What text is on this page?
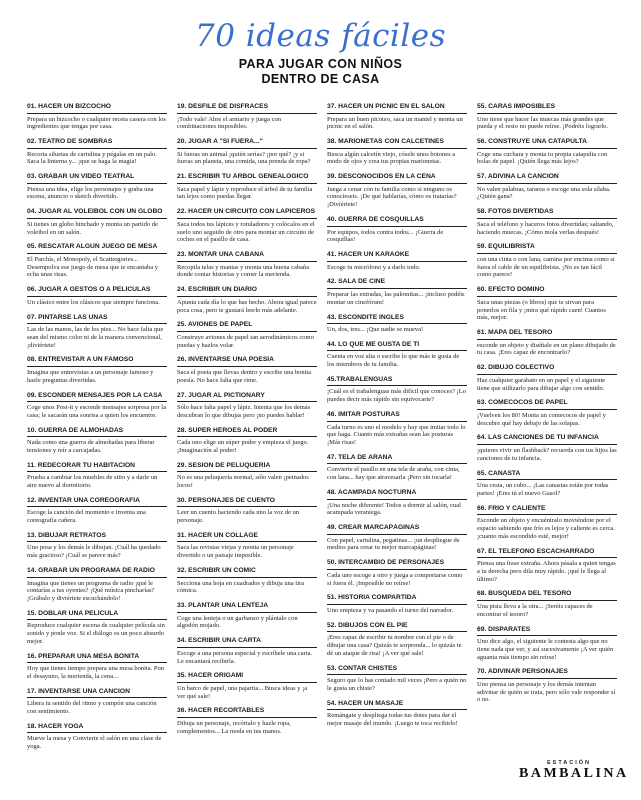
70 ideas fáciles
PARA JUGAR CON NIÑOS
DENTRO DE CASA
01. HACER UN BIZCOCHO
Prepara un bizcocho o cualquier receta casera con los ingredientes que tengas por casa.
02. TEATRO DE SOMBRAS
Recorta siluetas de cartulina y pégalas en un palo. Saca la linterna y... ¡que se haga la magia!
03. GRABAR UN VÍDEO TEATRAL
Piensa una idea, elige los personajes y graba una escena, anuncio o sketch divertido.
04. JUGAR AL VOLEIBOL CON UN GLOBO
Si tienes un globo hinchado y monta un partido de voleibol en un salón.
05. RESCATAR ALGÚN JUEGO DE MESA
El Parchís, el Monopoly, el Scattergories... Desempolva ese juego de mesa que te encantaba y echa unas risas.
06. JUGAR A GESTOS O A PELÍCULAS
Un clásico entre los clásicos que siempre funciona.
07. PINTARSE LAS UÑAS
Las de las manos, las de los pies... No hace falta que sean del mismo color ni de la manera convencional, ¡diviértete!
08. ENTREVISTAR A UN FAMOSO
Imagina que entrevistas a un personaje famoso y hazle preguntas divertidas.
09. ESCONDER MENSAJES POR LA CASA
Coge unos Post-it y esconde mensajes sorpresa por la casa; le sacarán una sonrisa a quien los encuentre.
10. GUERRA DE ALMOHADAS
Nada como una guerra de almohadas para liberar tensiones y reír a carcajadas.
11. REDECORAR TU HABITACIÓN
Prueba a cambiar los muebles de sitio y a darle un aire nuevo al dormitorio.
12. INVENTAR UNA COREOGRAFÍA
Escoge la canción del momento e inventa una coreografía cañera.
13. DIBUJAR RETRATOS
Uno posa y los demás le dibujan. ¡Cuál ha quedado más gracioso? ¡Cuál se parece más?
14. GRABAR UN PROGRAMA DE RADIO
Imagina que tienes un programa de radio ¡qué le contarías a tus oyentes? ¡Qué música pincharías? ¡Grábalo y diviértete escuchándolo!
15. DOBLAR UNA PELÍCULA
Reproduce cualquier escena de cualquier película sin sonido y ponle voz. Si el diálogo es un poco absurdo mejor.
16. PREPARAR UNA MESA BONITA
Hoy que tienes tiempo prepara una mesa bonita. Pon el desayuno, la merienda, la cena...
17. INVENTARSE UNA CANCIÓN
Libera tu sentido del ritmo y compón una canción con sentimiento.
18. HACER YOGA
Mueve la mesa y Convierte el salón en una clase de yoga.
19. DESFILE DE DISFRACES
¡Todo vale! Abre el armario y juega con combinaciones imposibles.
20. JUGAR A "SI FUERA..."
Si fueras un animal ¡quién serías? ¡por qué? ¡y si fueras un planeta, una comida, una prenda de ropa?
21. ESCRIBIR TU ÁRBOL GENEALÓGICO
Saca papel y lápiz y reproduce el árbol de tu familia tan lejos como puedas llegar.
22. HACER UN CIRCUITO CON LAPICEROS
Saca todos tus lápices y rotuladores y colócalos en el suelo uno seguido de otro para montar un circuito de coches en el pasillo de casa.
23. MONTAR UNA CABAÑA
Recopila telas y mantas y monta una buena cabaña donde contar historias y comer la merienda.
24. ESCRIBIR UN DIARIO
Apunta cada día lo que has hecho. Ahora igual parece poca cosa, pero te gustará leerlo más adelante.
25. AVIONES DE PAPEL
Construye aviones de papel tan aerodinámicos como puedas y hazlos volar.
26. INVENTARSE UNA POESÍA
Saca el poeta que llevas dentro y escribe una bonita poesía. No hace falta que rime.
27. JUGAR AL PICTIONARY
Sólo hace falta papel y lápiz. Intenta que los demás descubran lo que dibujas pero ¡no puedes hablar!
28. SÚPER HÉROES AL PODER
Cada uno elige un súper poder y empieza el juego. ¡Imaginación al poder!
29. SESIÓN DE PELUQUERÍA
No es una peluquería normal, sólo valen ¡peinados locos!
30. PERSONAJES DE CUENTO
Leer un cuento haciendo cada uno la voz de un personaje.
31. HACER UN COLLAGE
Saca las revistas viejas y monta un personaje divertido o un paisaje imposible.
32. ESCRIBIR UN CÓMIC
Secciona una hoja en cuadrados y dibuja una tira cómica.
33. PLANTAR UNA LENTEJA
Coge una lenteja o un garbanzo y plántalo con algodón mojado.
34. ESCRIBIR UNA CARTA
Escoge a una persona especial y escríbele una carta. Le encantará recibirla.
35. HACER ORIGAMI
Un barco de papel, una pajarita... Busca ideas y ¡a ver qué sale!
36. HACER RECORTABLES
Dibuja un personaje, recórtalo y hazle ropa, complementos... La moda en tus manos.
37. HACER UN PICNIC EN EL SALÓN
Prepara un buen picoteo, saca un mantel y monta un picnic en el salón.
38. MARIONETAS CON CALCETINES
Busca algún calcetín viejo, cósele unos botones a modo de ojos y crea tus propias marionetas.
39. DESCONOCIDOS EN LA CENA
Juega a cenar con tu familia como si ninguno os conocieseis. ¡De qué hablarías, cómo os tratarías? ¡Diviértete!
40. GUERRA DE COSQUILLAS
Por equipos, todos contra todos... ¡Guerra de cosquillas!
41. HACER UN KARAOKE
Escoge tu micrófono y a darlo todo.
42. SALA DE CINE
Preparar las entradas, las palomitas... ¡incluso podéis montar un cinefórum!
43. ESCONDITE INGLÉS
Un, dos, tres... ¡Que nadie se mueva!
44. LO QUE ME GUSTA DE TI
Cuenta en voz alta o escribe lo que más te gusta de los miembros de tu familia.
45.TRABALENGUAS
¡Cuál es el trabalenguas más difícil que conoces? ¡Lo puedes decir más rápido sin equivocarte?
46. IMITAR POSTURAS
Cada turno es uno el modelo y hay que imitar todo lo que haga. Cuanto más extrañas sean las posturas ¡Más risas!
47. TELA DE ARAÑA
Convierte el pasillo en una tela de araña, con cinta, con lana... hay que atravesarla ¡Pero sin tocarla!
48. ACAMPADA NOCTURNA
¡Una noche diferente! Todos a dormir al salón, cual acampada veraniega.
49. CREAR MARCAPÁGINAS
Con papel, cartulina, pegatinas... ¡un despliegue de medios para crear tu mejor marcapáginas!
50. INTERCAMBIO DE PERSONAJES
Cada uno escoge a otro y juega a comportarse como si fuera él. ¡Imposible no reírse!
51. HISTORIA COMPARTIDA
Uno empieza y va pasando el turno del narrador.
52. DIBUJOS CON EL PIE
¡Eres capaz de escribir tu nombre con el pie o de dibujar una casa? Quizás te sorprenda... lo quizás te dé un ataque de risa! ¡A ver qué sale!
53. CONTAR CHISTES
Seguro que lo has contado mil veces ¡Pero a quién no le gusta un chiste?
54. HACER UN MASAJE
Remángate y despliega todas tus dotes para dar el mejor masaje del mundo. ¡Luego te toca recibirlo!
55. CARAS IMPOSIBLES
Uno tiene que hacer las muecas más grandes que pueda y el resto no puede reírse. ¡Podréis lograrlo.
56. CONSTRUYE UNA CATAPULTA
Coge una cuchara y monta tu propia catapulta con bolas de papel. ¡Quién llega más lejos?
57. ADIVINA LA CANCIÓN
No valen palabras, tararea o escoge una sola sílaba. ¿Quién gana?
58. FOTOS DIVERTIDAS
Saca el teléfono y haceros fotos divertidas; saltando, haciendo muecas. ¡Cómo mola verlas después!
59. EQUILIBRISTA
con una cinta o con lana, camina por encima como si fuera el cable de un equilibrista. ¡No es tan fácil como parece!
60. EFECTO DOMINÓ
Saca unas piezas (o libros) que te sirvan para ponerlos en fila y ¡mira qué rápido caen! Cuantos más, mejor.
61. MAPA DEL TESORO
esconde un objeto y diséñale en un plano dibujado de tu casa. ¡Eres capaz de encontrarlo?
62. DIBUJO COLECTIVO
Haz cualquier garabato en un papel y el siguiente tiene que utilizarlo para dibujar algo con sentido.
63. COMECOCOS DE PAPEL
¡Vuelven los 80! Monta un comecocos de papel y descubre qué hay debajo de las solapas.
64. LAS CANCIONES DE TU INFANCIA
¡quieres vivir un flashback? recuerda con tus hijos las canciones de tu infancia.
65. CANASTA
Una cesta, un cubo... ¡Las canastas están por todas partes! ¡Eres tú el nuevo Gasol?
66. FRÍO Y CALIENTE
Esconde un objeto y encuéntralo moviéndote por el espacio sabiendo que frío es lejos y caliente es cerca. ¡cuanto más escondido esté, mejor!
67. EL TELÉFONO ESCACHARRADO
Piensa una frase extraña. Ahora pásala a quien tengas a tu derecha pero dila muy rápido. ¡qué le llega al último?
68. BÚSQUEDA DEL TESORO
Una pista lleva a la otra... ¡Seréis capaces de encontrar el tesoro?
69. DISPARATES
Uno dice algo, el siguiente le contesta algo que no tiene nada que ver, y así sucesivamente ¡A ver quién aguanta más tiempo sin reírse!
70. ADIVINAR PERSONAJES
Uno piensa un personaje y los demás intentan adivinar de quién se trata, pero sólo vale responder sí o no.
ESTACIÓN
BAMBALINA
